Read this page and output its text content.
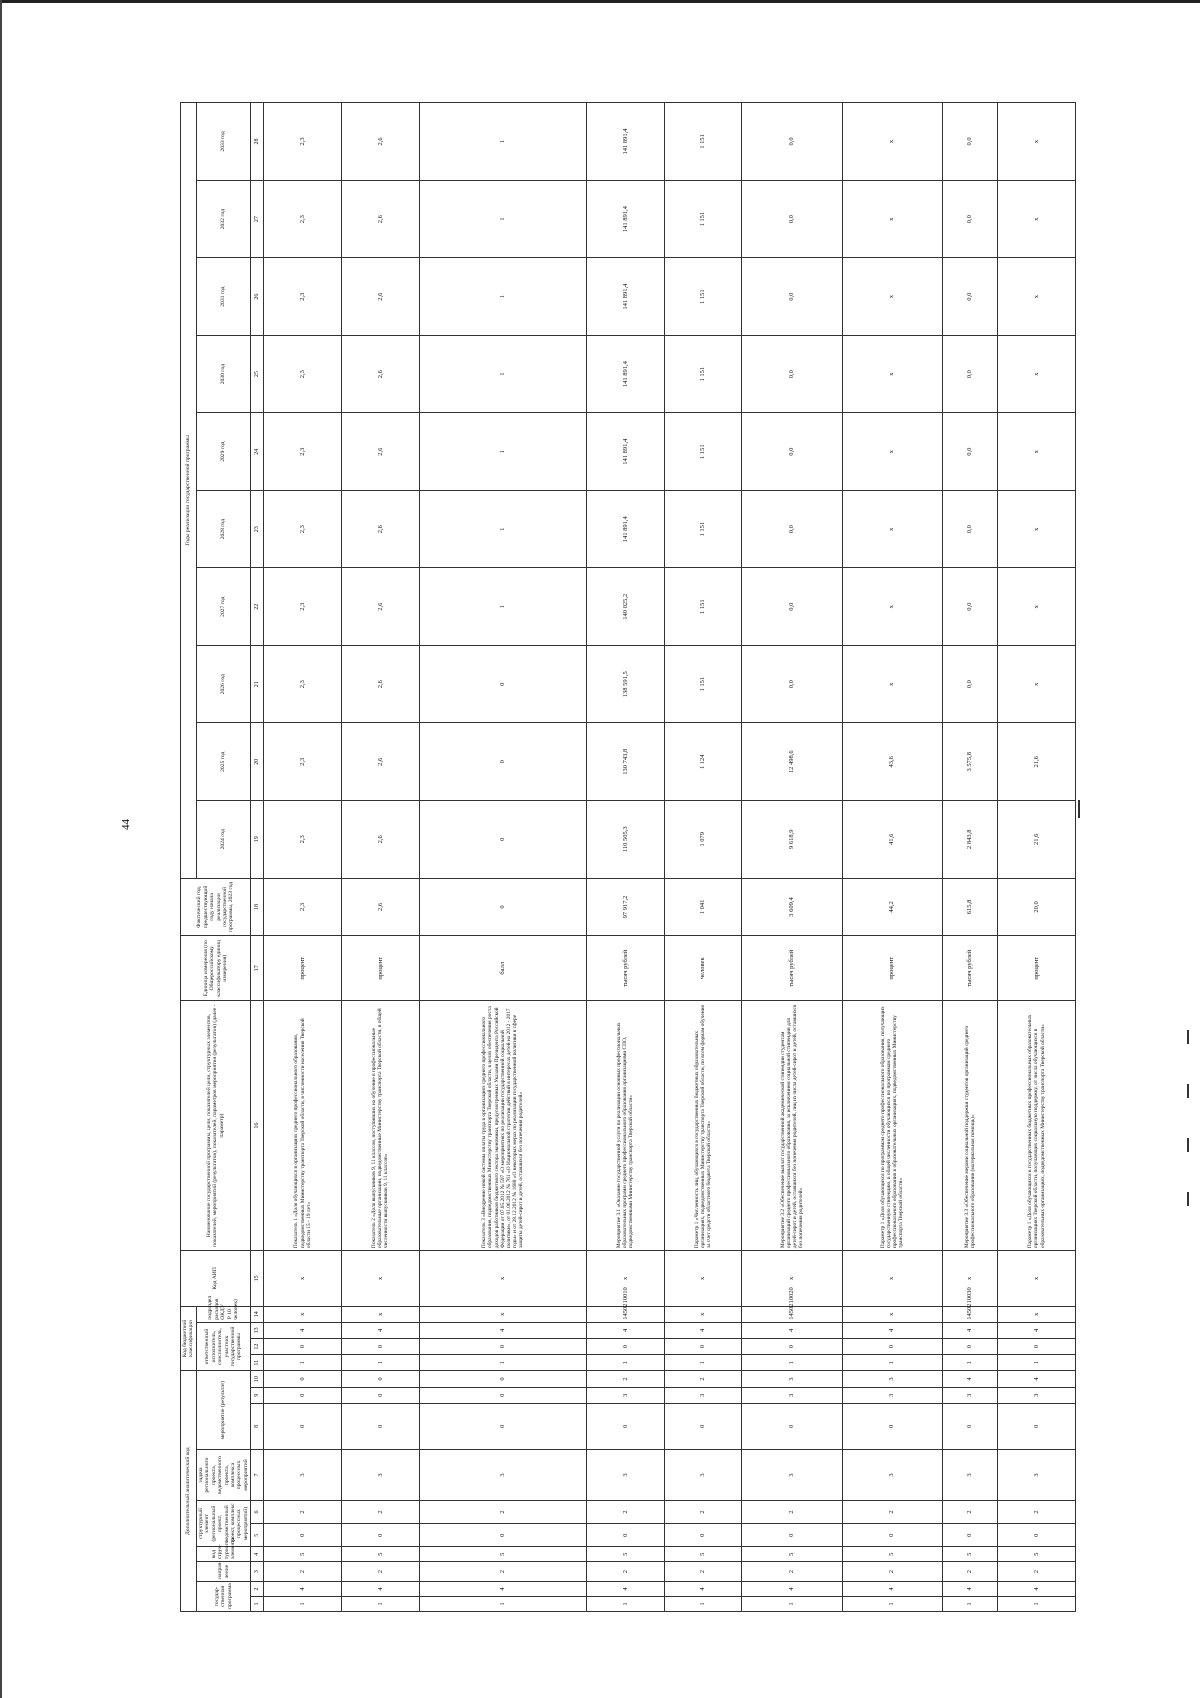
44
Дополнительный аналитический код										Код бюджетной классификации				Код АИП	Наименование государственной программы, цели, показателей цели, структурных элементов, показателей, мероприятий (результатов), показателей, параметров мероприятия (результатов) (далее - параметр)	Единица измерения (по Общероссийскому классификатору единиц измерения)	Фактический год, предшествующий году начала реализации государственной программы, 2023 год	Годы реализации государственной программы									
государ-ственная программа		направ-ление	вид струк-турного элемента	структурный элемент (региональный проект, ведомственный проект, комплекс процессных мероприятий)		задача регионального проекта, ведомственного проекта, комплекса процессных мероприятий	мероприятие (результат)			ответственный исполнитель, соисполнитель, участник государственной программы			подраздел расходов ОКДУ Р 10 человек)					2024 год	2025 год	2026 год	2027 год	2028 год	2029 год	2030 год	2031 год	2032 год	2033 год
1	2	3	4	5	6	7	8	9	10	11	12	13	14	15	16	17	18	19	20	21	22	23	24	25	26	27	28
1	4	2	5	0	2	3	0	0	0	1	0	4	x	x	Показатель 1 «Доля обучающихся в организациях среднего профессионального образования, подведомственных Министерству транспорта Тверской области, в численности населения Тверской области 15 - 19 лет»	процент	2,3	2,3	2,3	2,3	2,3	2,3	2,3	2,3	2,3	2,3	2,3
1	4	2	5	0	2	3	0	0	0	1	0	4	x	x	Показатель 2 «Доля выпускников 9, 11 классов, поступивших на обучение в профессиональные образовательные организации, подведомственные Министерству транспорта Тверской области, в общей численности выпускников 9, 11 классов»	процент	2,6	2,6	2,6	2,6	2,6	2,6	2,6	2,6	2,6	2,6	2,6
1	4	2	5	0	2	3	0	0	0	1	0	4	x	x	Показатель 3 «Внедрение новой системы оплаты труда в организациях среднего профессионального образования, подведомственных Министерству транспорта Тверской области, в целях обеспечения роста доходов работников бюджетного сектора экономики, предусмотренных Указами Президента Российской Федерации от 07.05.2012 № 597 «О мероприятиях по реализации государственной социальной политики», от 01.06.2012 № 761 «О Национальной стратегии действий в интересах детей на 2012 - 2017 годы» и от 28.12.2012 № 1688 «О некоторых мерах по реализации государственной политики в сфере защиты детей-сирот и детей, оставшихся без попечения родителей»	балл	0	0	0	0	1	1	1	1	1	1	1
1	4	2	5	0	2	3	0	3	2	1	0	4	1450210010	x	Мероприятие 3.1 «Оказание государственной услуги по реализации основных профессиональных образовательных программ среднего профессионального образования организациями СПО, подведомственными Министерству транспорта Тверской области»	тысяч рублей	97 917,2	110 505,3	130 743,8	138 591,5	140 025,2	141 891,4	141 891,4	141 891,4	141 891,4	141 891,4	141 891,4
1	4	2	5	0	2	3	0	3	2	1	0	4	x	x	Параметр 1 «Численность лиц, обучающихся в государственных бюджетных образовательных организациях, подведомственных Министерству транспорта Тверской области, по всем формам обучения за счет средств областного бюджета Тверской области»	человек	1 041	1 079	1 124	1 151	1 151	1 151	1 151	1 151	1 151	1 151	1 151
1	4	2	5	0	2	3	0	3	3	1	0	4	1450210020	x	Мероприятие 3.2 «Обеспечение выплат государственной академической стипендии студентам организаций среднего профессионального образования, за исключением социальной стипендии для детей-сирот и детей, оставшихся без попечения родителей, лиц из числа детей-сирот и детей, оставшихся без попечения родителей»	тысяч рублей	3 609,4	9 618,9	12 498,6	0,0	0,0	0,0	0,0	0,0	0,0	0,0	0,0
1	4	2	5	0	2	3	0	3	3	1	0	4	x	x	Параметр 1 «Доля обучающихся по программам среднего профессионального образования, получающих государственную стипендию, в общей численности обучающихся по программам среднего профессионального образования в образовательных организациях, подведомственных Министерству транспорта Тверской области»	процент	44,2	41,6	43,6	x	x	x	x	x	x	x	x
1	4	2	5	0	2	3	0	3	4	1	0	4	1450210030	x	Мероприятие 3.3 «Обеспечение мерами социальной поддержки студентов организаций среднего профессионального образования (материальная помощь)»	тысяч рублей	615,8	2 843,8	3 575,8	0,0	0,0	0,0	0,0	0,0	0,0	0,0	0,0
1	4	2	5	0	2	3	0	3	4	1	0	4	x	x	Параметр 1 «Доля обучающихся в государственных бюджетных профессиональных образовательных организациях Тверской области, получающих социальную поддержку, от числа обучающихся в образовательных организациях, подведомственных Министерству транспорта Тверской области»	процент	20,0	21,6	21,6	x	x	x	x	x	x	x	x
